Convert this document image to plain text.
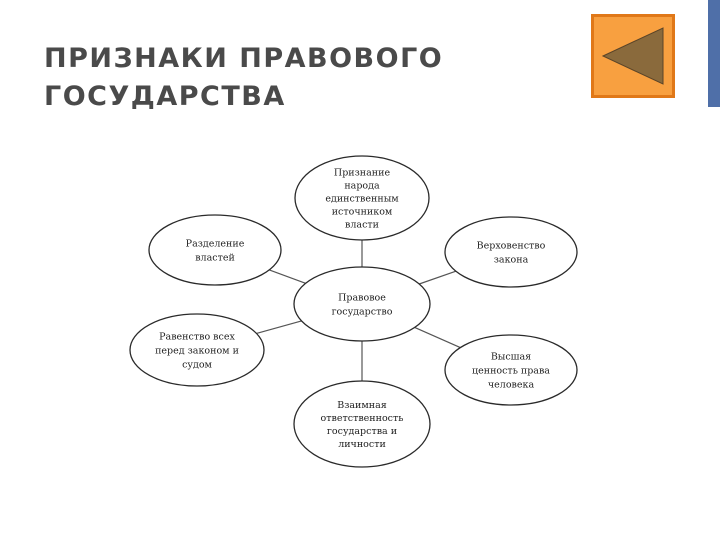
ПРИЗНАКИ ПРАВОВОГО
ГОСУДАРСТВА
Правовое
государство
Признание
народа
единственным
источником
власти
Верховенство
закона
Высшая
ценность права
человека
Взаимная
ответственность
государства и
личности
Равенство всех
перед законом и
судом
Разделение
властей
